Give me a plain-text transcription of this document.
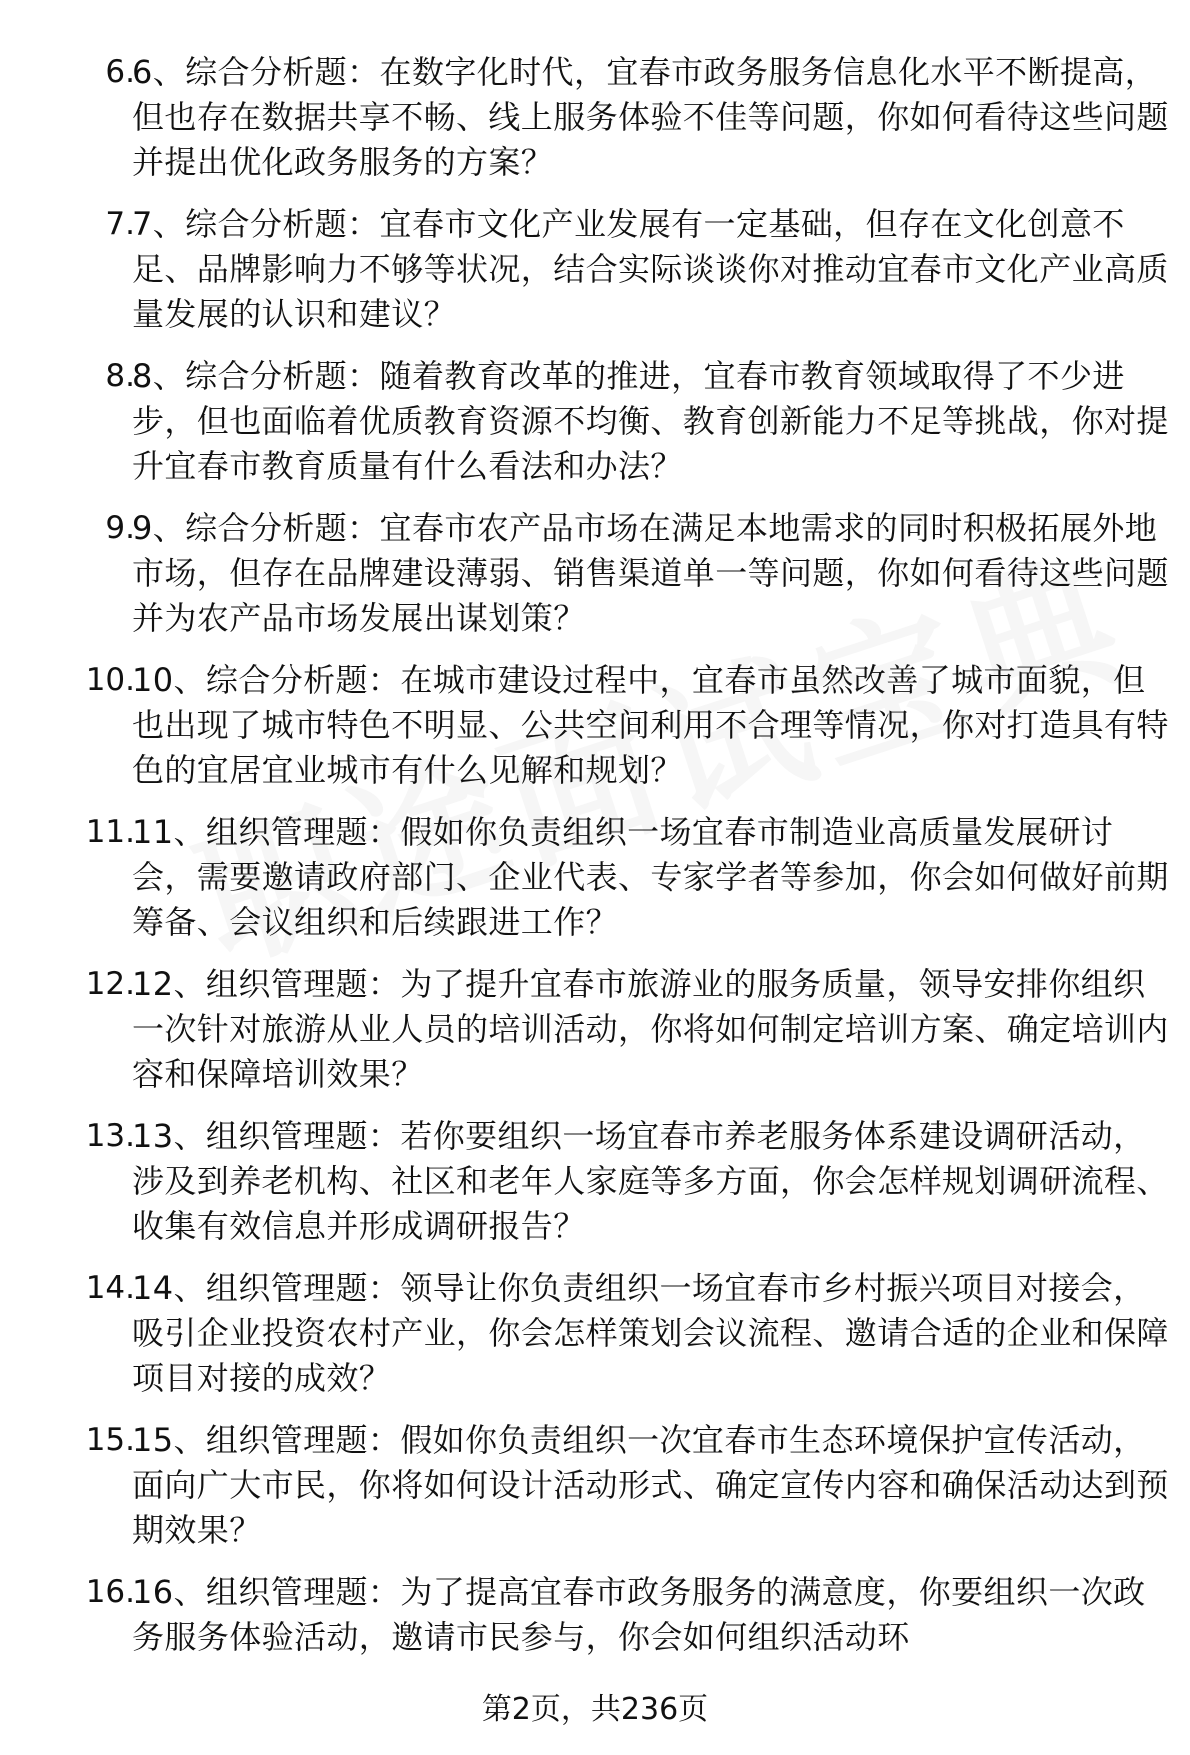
6.
6、综合分析题：在数字化时代，宜春市政务服务信息化水平不断提高，但也存在数据共享不畅、线上服务体验不佳等问题，你如何看待这些问题并提出优化政务服务的方案？
7.
7、综合分析题：宜春市文化产业发展有一定基础，但存在文化创意不足、品牌影响力不够等状况，结合实际谈谈你对推动宜春市文化产业高质量发展的认识和建议？
8.
8、综合分析题：随着教育改革的推进，宜春市教育领域取得了不少进步，但也面临着优质教育资源不均衡、教育创新能力不足等挑战，你对提升宜春市教育质量有什么看法和办法？
9.
9、综合分析题：宜春市农产品市场在满足本地需求的同时积极拓展外地市场，但存在品牌建设薄弱、销售渠道单一等问题，你如何看待这些问题并为农产品市场发展出谋划策？
10.
10、综合分析题：在城市建设过程中，宜春市虽然改善了城市面貌，但也出现了城市特色不明显、公共空间利用不合理等情况，你对打造具有特色的宜居宜业城市有什么见解和规划？
11.
11、组织管理题：假如你负责组织一场宜春市制造业高质量发展研讨会，需要邀请政府部门、企业代表、专家学者等参加，你会如何做好前期筹备、会议组织和后续跟进工作？
12.
12、组织管理题：为了提升宜春市旅游业的服务质量，领导安排你组织一次针对旅游从业人员的培训活动，你将如何制定培训方案、确定培训内容和保障培训效果？
13.
13、组织管理题：若你要组织一场宜春市养老服务体系建设调研活动，涉及到养老机构、社区和老年人家庭等多方面，你会怎样规划调研流程、收集有效信息并形成调研报告？
14.
14、组织管理题：领导让你负责组织一场宜春市乡村振兴项目对接会，吸引企业投资农村产业，你会怎样策划会议流程、邀请合适的企业和保障项目对接的成效？
15.
15、组织管理题：假如你负责组织一次宜春市生态环境保护宣传活动，面向广大市民，你将如何设计活动形式、确定宣传内容和确保活动达到预期效果？
16.
16、组织管理题：为了提高宜春市政务服务的满意度，你要组织一次政务服务体验活动，邀请市民参与，你会如何组织活动环
第2页，共236页
